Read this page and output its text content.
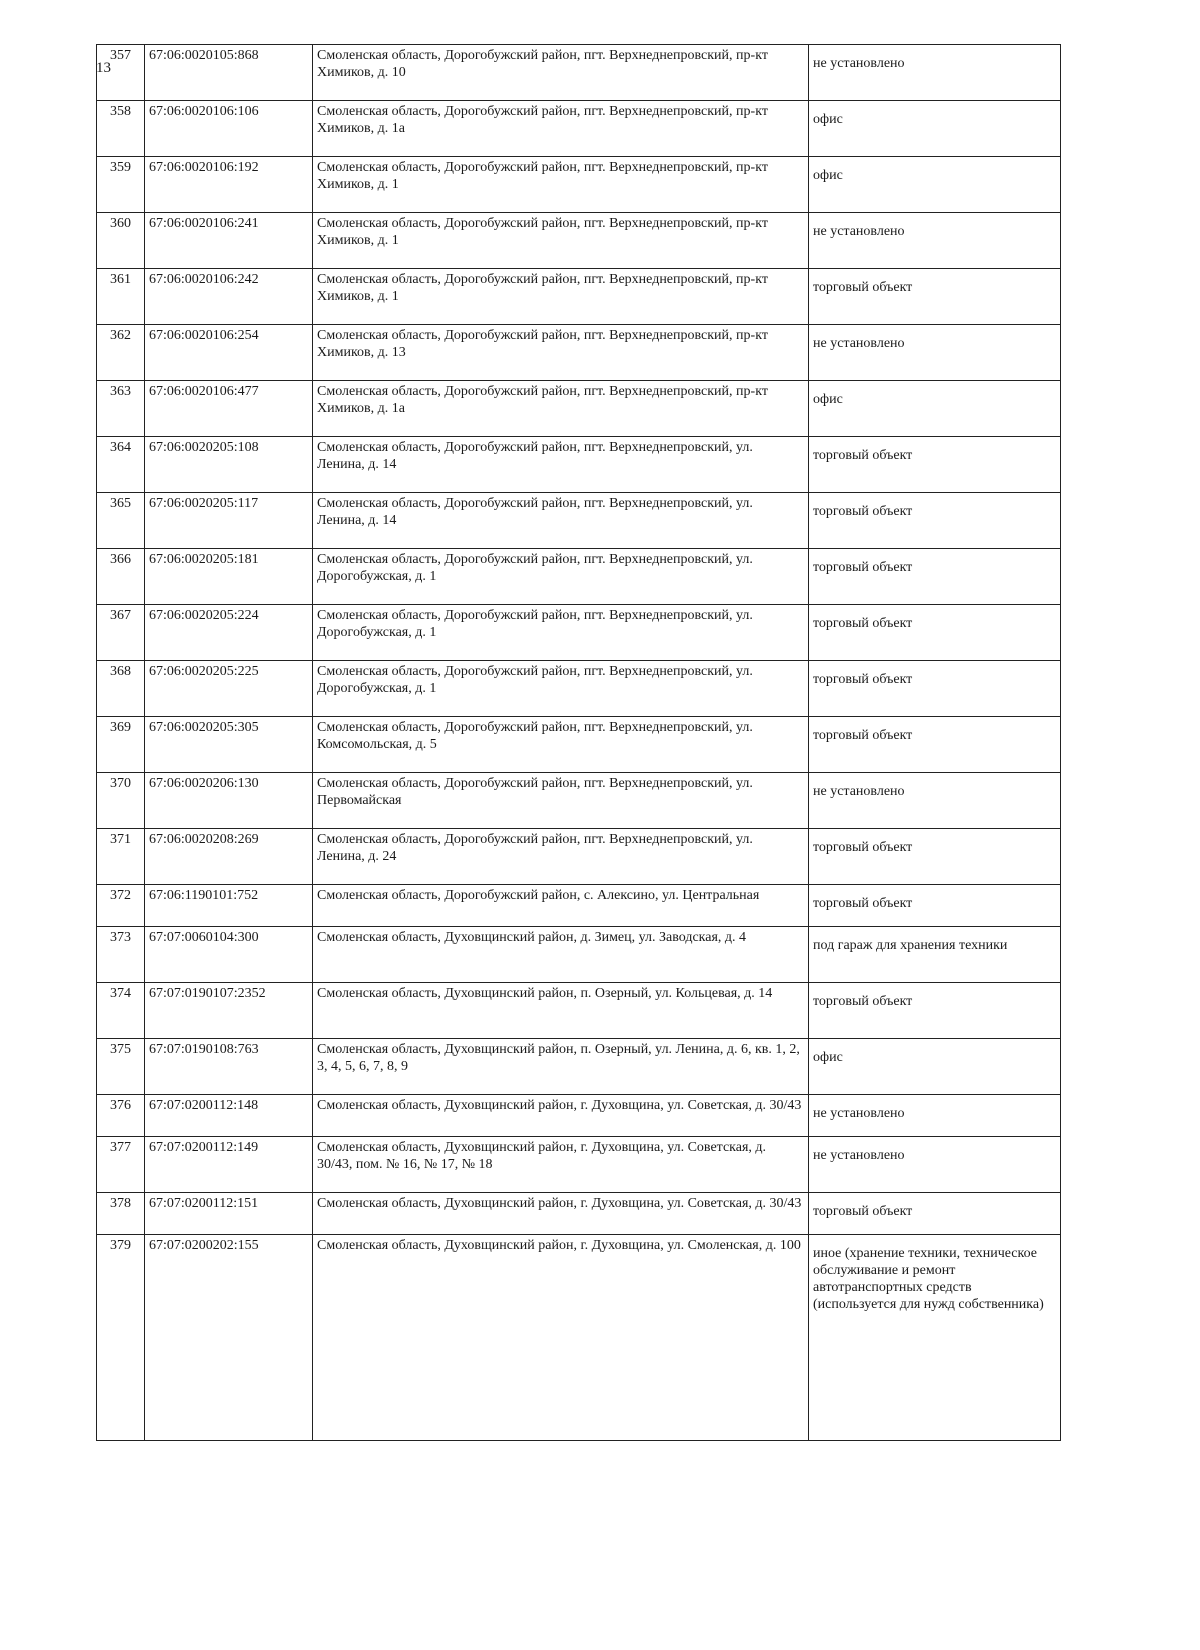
13
357	67:06:0020105:868	Смоленская область, Дорогобужский район, пгт. Верхнеднепровский, пр-кт Химиков, д. 10	не установлено
358	67:06:0020106:106	Смоленская область, Дорогобужский район, пгт. Верхнеднепровский, пр-кт Химиков, д. 1а	офис
359	67:06:0020106:192	Смоленская область, Дорогобужский район, пгт. Верхнеднепровский, пр-кт Химиков, д. 1	офис
360	67:06:0020106:241	Смоленская область, Дорогобужский район, пгт. Верхнеднепровский, пр-кт Химиков, д. 1	не установлено
361	67:06:0020106:242	Смоленская область, Дорогобужский район, пгт. Верхнеднепровский, пр-кт Химиков, д. 1	торговый объект
362	67:06:0020106:254	Смоленская область, Дорогобужский район, пгт. Верхнеднепровский, пр-кт Химиков, д. 13	не установлено
363	67:06:0020106:477	Смоленская область, Дорогобужский район, пгт. Верхнеднепровский, пр-кт Химиков, д. 1а	офис
364	67:06:0020205:108	Смоленская область, Дорогобужский район, пгт. Верхнеднепровский, ул. Ленина, д. 14	торговый объект
365	67:06:0020205:117	Смоленская область, Дорогобужский район, пгт. Верхнеднепровский, ул. Ленина, д. 14	торговый объект
366	67:06:0020205:181	Смоленская область, Дорогобужский район, пгт. Верхнеднепровский, ул. Дорогобужская, д. 1	торговый объект
367	67:06:0020205:224	Смоленская область, Дорогобужский район, пгт. Верхнеднепровский, ул. Дорогобужская, д. 1	торговый объект
368	67:06:0020205:225	Смоленская область, Дорогобужский район, пгт. Верхнеднепровский, ул. Дорогобужская, д. 1	торговый объект
369	67:06:0020205:305	Смоленская область, Дорогобужский район, пгт. Верхнеднепровский, ул. Комсомольская, д. 5	торговый объект
370	67:06:0020206:130	Смоленская область, Дорогобужский район, пгт. Верхнеднепровский, ул. Первомайская	не установлено
371	67:06:0020208:269	Смоленская область, Дорогобужский район, пгт. Верхнеднепровский, ул. Ленина, д. 24	торговый объект
372	67:06:1190101:752	Смоленская область, Дорогобужский район, с. Алексино, ул. Центральная	торговый объект
373	67:07:0060104:300	Смоленская область, Духовщинский район, д. Зимец, ул. Заводская, д. 4	под гараж для хранения техники
374	67:07:0190107:2352	Смоленская область, Духовщинский район, п. Озерный, ул. Кольцевая, д. 14	торговый объект
375	67:07:0190108:763	Смоленская область, Духовщинский район, п. Озерный, ул. Ленина, д. 6, кв. 1, 2, 3, 4, 5, 6, 7, 8, 9	офис
376	67:07:0200112:148	Смоленская область, Духовщинский район, г. Духовщина, ул. Советская, д. 30/43	не установлено
377	67:07:0200112:149	Смоленская область, Духовщинский район, г. Духовщина, ул. Советская, д. 30/43, пом. № 16, № 17, № 18	не установлено
378	67:07:0200112:151	Смоленская область, Духовщинский район, г. Духовщина, ул. Советская, д. 30/43	торговый объект
379	67:07:0200202:155	Смоленская область, Духовщинский район, г. Духовщина, ул. Смоленская, д. 100	иное (хранение техники, техническое обслуживание и ремонт автотранспортных средств (используется для нужд собственника)
